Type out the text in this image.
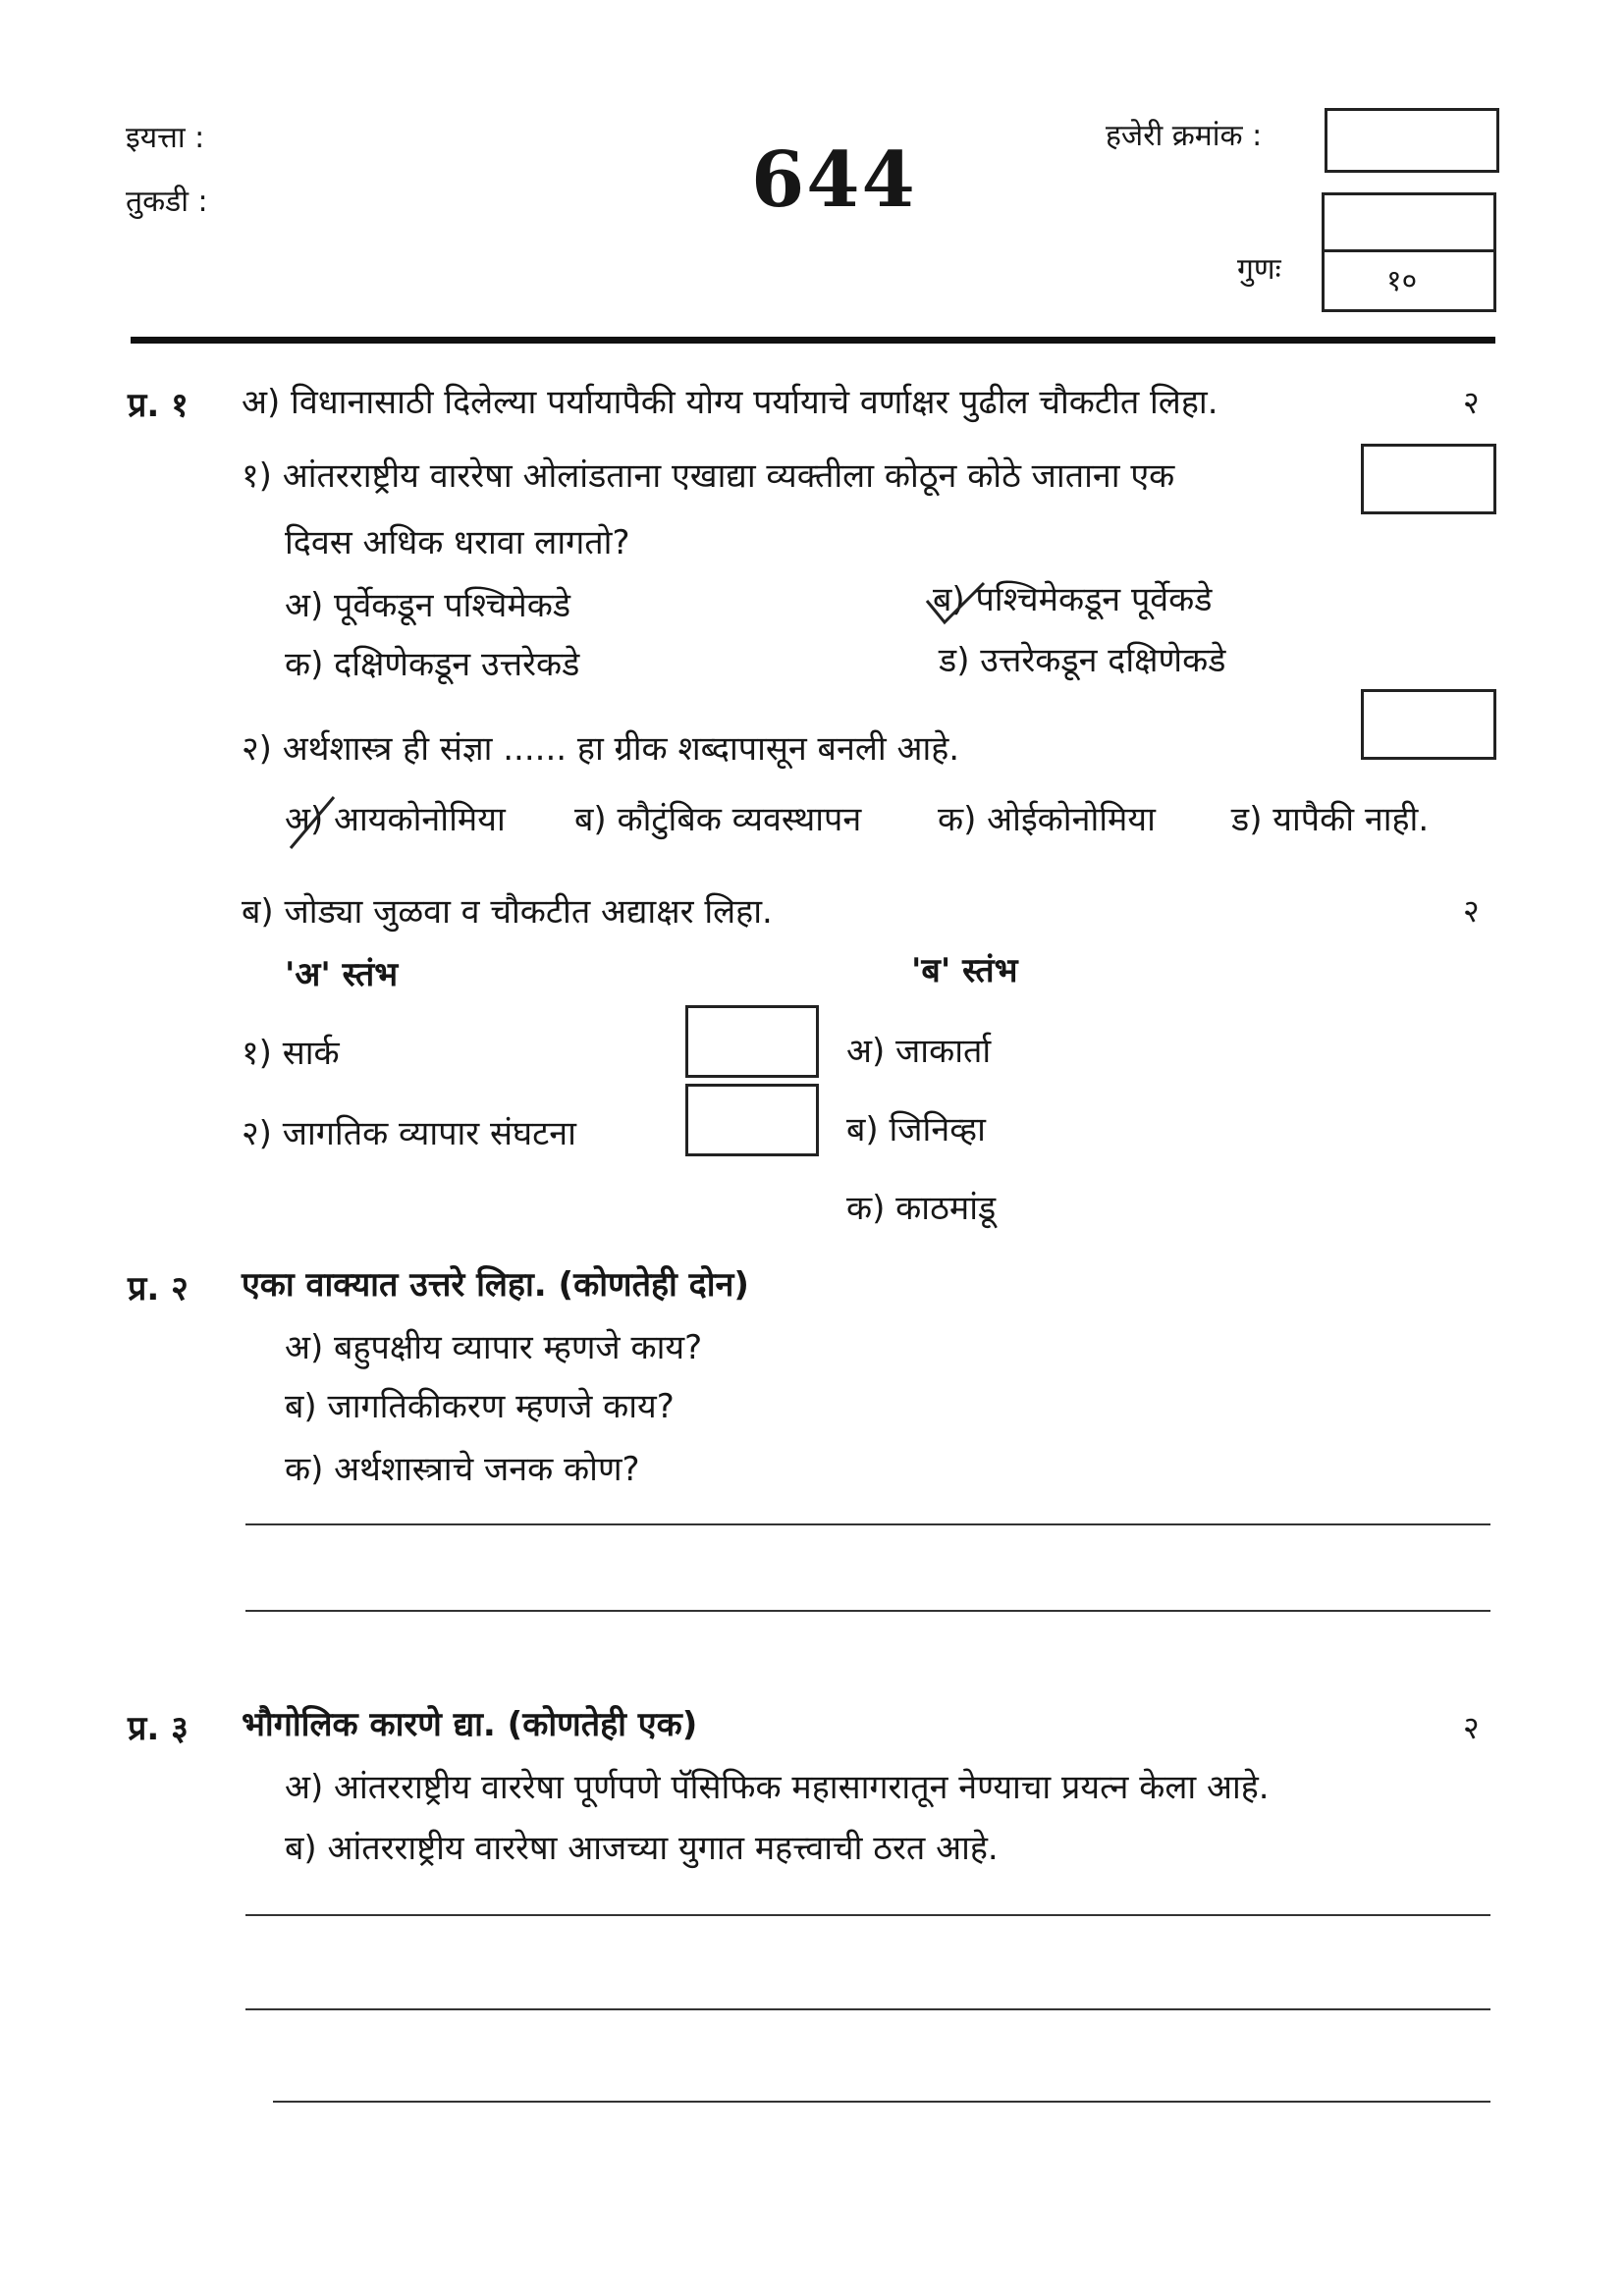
इयत्ता :
तुकडी :	644	हजेरी क्रमांक :
गुणः	१०
प्र. १ अ) विधानासाठी दिलेल्या पर्यायापैकी योग्य पर्यायाचे वर्णाक्षर पुढील चौकटीत लिहा.	२
१) आंतरराष्ट्रीय वाररेषा ओलांडताना एखाद्या व्यक्तीला कोठून कोठे जाताना एक
दिवस अधिक धरावा लागतो?
अ) पूर्वेकडून पश्चिमेकडे	ब) पश्चिमेकडून पूर्वेकडे
क) दक्षिणेकडून उत्तरेकडे	ड) उत्तरेकडून दक्षिणेकडे
२) अर्थशास्त्र ही संज्ञा ...... हा ग्रीक शब्दापासून बनली आहे.
अ) आयकोनोमिया ब) कौटुंबिक व्यवस्थापन क) ओईकोनोमिया ड) यापैकी नाही.
ब) जोड्या जुळवा व चौकटीत अद्याक्षर लिहा.	२
'अ' स्तंभ	'ब' स्तंभ
१) सार्क	अ) जाकार्ता
२) जागतिक व्यापार संघटना	ब) जिनिव्हा
क) काठमांडू
प्र. २ एका वाक्यात उत्तरे लिहा. (कोणतेही दोन)
अ) बहुपक्षीय व्यापार म्हणजे काय?
ब) जागतिकीकरण म्हणजे काय?
क) अर्थशास्त्राचे जनक कोण?
प्र. ३ भौगोलिक कारणे द्या. (कोणतेही एक)	२
अ) आंतरराष्ट्रीय वाररेषा पूर्णपणे पॅसिफिक महासागरातून नेण्याचा प्रयत्न केला आहे.
ब) आंतरराष्ट्रीय वाररेषा आजच्या युगात महत्त्वाची ठरत आहे.
